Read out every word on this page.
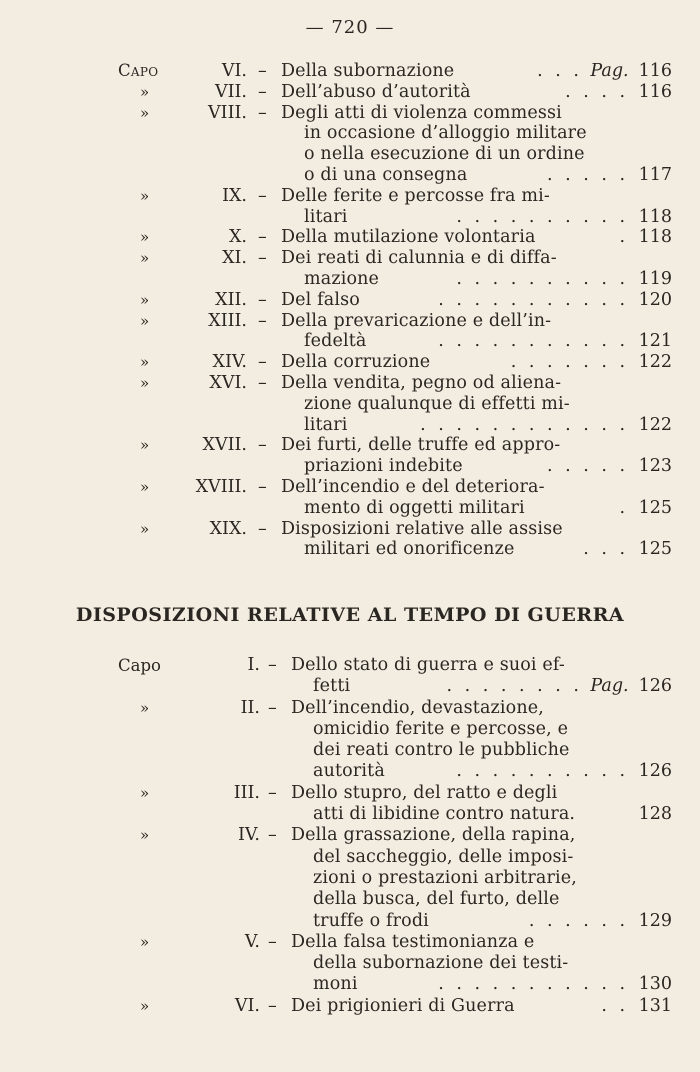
— 720 —
Capo	VI. – Della subornazione	. . . Pag. 116
»	VII. – Dell’abuso d’autorità	. . . . 116
»	VIII. – Degli atti di violenza commessi
in occasione d’alloggio militare
o nella esecuzione di un ordine
o di una consegna	. . . . . 117
»	IX. – Delle ferite e percosse fra mi-
litari	. . . . . . . . . . 118
»	X. – Della mutilazione volontaria	. 118
»	XI. – Dei reati di calunnia e di diffa-
mazione	. . . . . . . . . . 119
»	XII. – Del falso	. . . . . . . . . . . 120
»	XIII. – Della prevaricazione e dell’in-
fedeltà	. . . . . . . . . . . 121
»	XIV. – Della corruzione	. . . . . . . 122
»	XVI. – Della vendita, pegno od aliena-
zione qualunque di effetti mi-
litari	. . . . . . . . . . . . 122
»	XVII. – Dei furti, delle truffe ed appro-
priazioni indebite	. . . . . 123
»	XVIII. – Dell’incendio e del deteriora-
mento di oggetti militari	. 125
»	XIX. – Disposizioni relative alle assise
militari ed onorificenze	. . . 125
DISPOSIZIONI RELATIVE AL TEMPO DI GUERRA
Capo	I. – Dello stato di guerra e suoi ef-
fetti	. . . . . . . . Pag. 126
»	II. – Dell’incendio, devastazione,
omicidio ferite e percosse, e
dei reati contro le pubbliche
autorità	. . . . . . . . . . 126
»	III. – Dello stupro, del ratto e degli
atti di libidine contro natura.	128
»	IV. – Della grassazione, della rapina,
del saccheggio, delle imposi-
zioni o prestazioni arbitrarie,
della busca, del furto, delle
truffe o frodi	. . . . . . 129
»	V. – Della falsa testimonianza e
della subornazione dei testi-
moni	. . . . . . . . . . . 130
»	VI. – Dei prigionieri di Guerra	. . 131
